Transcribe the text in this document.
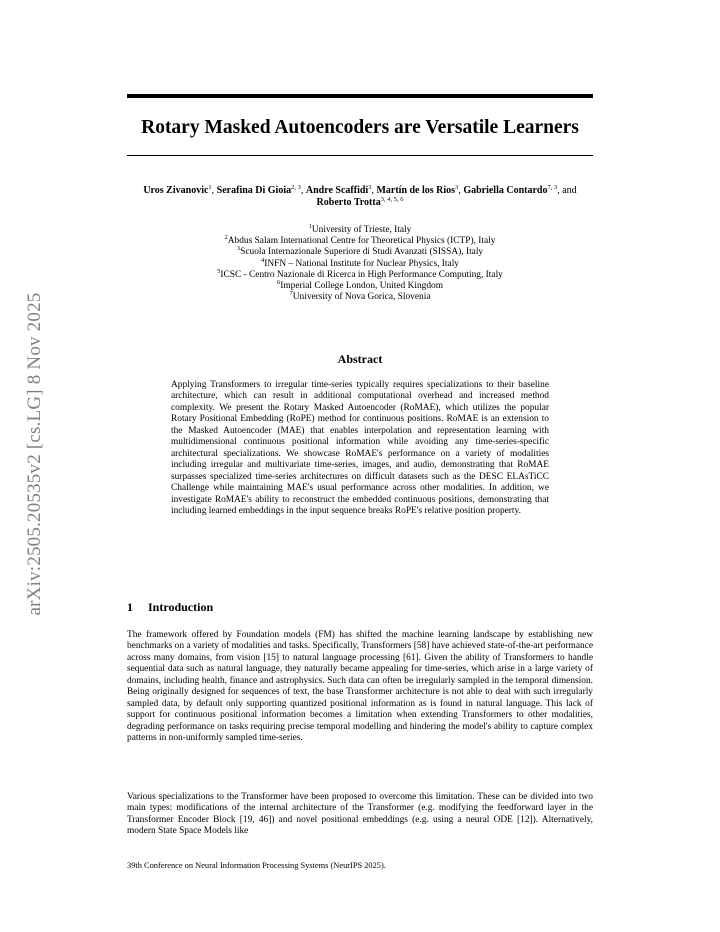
arXiv:2505.20535v2 [cs.LG] 8 Nov 2025
Rotary Masked Autoencoders are Versatile Learners
Uros Zivanovic$^1$, Serafina Di Gioia$^{2, 3}$, Andre Scaffidi$^3$, Martín de los Rios$^3$, Gabriella Contardo$^{7, 3}$, and Roberto Trotta$^{3, 4, 5, 6}$
$^1$University of Trieste, Italy
$^2$Abdus Salam International Centre for Theoretical Physics (ICTP), Italy
$^3$Scuola Internazionale Superiore di Studi Avanzati (SISSA), Italy
$^4$INFN – National Institute for Nuclear Physics, Italy
$^5$ICSC - Centro Nazionale di Ricerca in High Performance Computing, Italy
$^6$Imperial College London, United Kingdom
$^7$University of Nova Gorica, Slovenia
Abstract
Applying Transformers to irregular time-series typically requires specializations to their baseline architecture, which can result in additional computational overhead and increased method complexity. We present the Rotary Masked Autoencoder (RoMAE), which utilizes the popular Rotary Positional Embedding (RoPE) method for continuous positions. RoMAE is an extension to the Masked Autoencoder (MAE) that enables interpolation and representation learning with multidimensional continuous positional information while avoiding any time-series-specific architectural specializations. We showcase RoMAE's performance on a variety of modalities including irregular and multivariate time-series, images, and audio, demonstrating that RoMAE surpasses specialized time-series architectures on difficult datasets such as the DESC ELAsTiCC Challenge while maintaining MAE's usual performance across other modalities. In addition, we investigate RoMAE's ability to reconstruct the embedded continuous positions, demonstrating that including learned embeddings in the input sequence breaks RoPE's relative position property.
1 Introduction
The framework offered by Foundation models (FM) has shifted the machine learning landscape by establishing new benchmarks on a variety of modalities and tasks. Specifically, Transformers [58] have achieved state-of-the-art performance across many domains, from vision [15] to natural language processing [61]. Given the ability of Transformers to handle sequential data such as natural language, they naturally became appealing for time-series, which arise in a large variety of domains, including health, finance and astrophysics. Such data can often be irregularly sampled in the temporal dimension. Being originally designed for sequences of text, the base Transformer architecture is not able to deal with such irregularly sampled data, by default only supporting quantized positional information as is found in natural language. This lack of support for continuous positional information becomes a limitation when extending Transformers to other modalities, degrading performance on tasks requiring precise temporal modelling and hindering the model's ability to capture complex patterns in non-uniformly sampled time-series.
Various specializations to the Transformer have been proposed to overcome this limitation. These can be divided into two main types: modifications of the internal architecture of the Transformer (e.g. modifying the feedforward layer in the Transformer Encoder Block [19, 46]) and novel positional embeddings (e.g. using a neural ODE [12]). Alternatively, modern State Space Models like
39th Conference on Neural Information Processing Systems (NeurIPS 2025).
